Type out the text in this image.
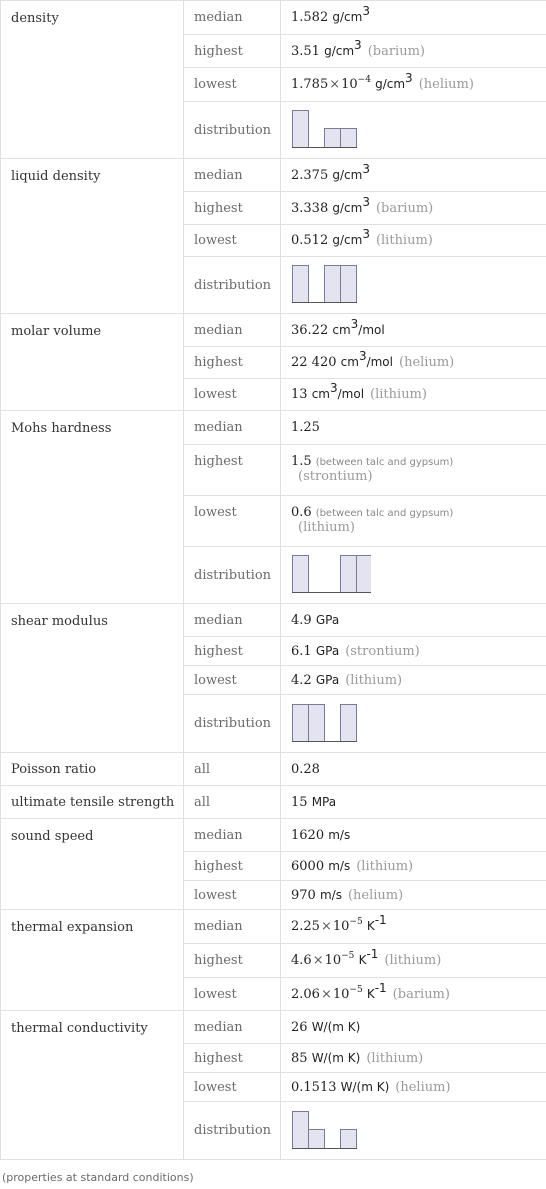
density	median	1.582 $g/cm^3$
	highest	3.51 $g/cm^3$ (barium)
	lowest	$1.785\times 10^{-4}$ $g/cm^3$ (helium)
	distribution	

liquid density	median	2.375 $g/cm^3$
	highest	3.338 $g/cm^3$ (barium)
	lowest	0.512 $g/cm^3$ (lithium)
	distribution	

molar volume	median	36.22 $cm^3$/mol
	highest	22 420 $cm^3$/mol (helium)
	lowest	13 $cm^3$/mol (lithium)
Mohs hardness	median	1.25
	highest	1.5 (between talc and gypsum)
(strontium)

	lowest	0.6 (between talc and gypsum)
(lithium)

	distribution	

shear modulus	median	4.9 GPa
	highest	6.1 GPa (strontium)
	lowest	4.2 GPa (lithium)
	distribution	

Poisson ratio	all	0.28
ultimate tensile strength	all	15 MPa
sound speed	median	1620 m/s
	highest	6000 m/s (lithium)
	lowest	970 m/s (helium)
thermal expansion	median	$2.25\times 10^{-5}$ $K^{-1}$
	highest	$4.6\times 10^{-5}$ $K^{-1}$ (lithium)
	lowest	$2.06\times 10^{-5}$ $K^{-1}$ (barium)
thermal conductivity	median	26 W/(m K)
	highest	85 W/(m K) (lithium)
	lowest	0.1513 W/(m K) (helium)
	distribution	
(properties at standard conditions)
